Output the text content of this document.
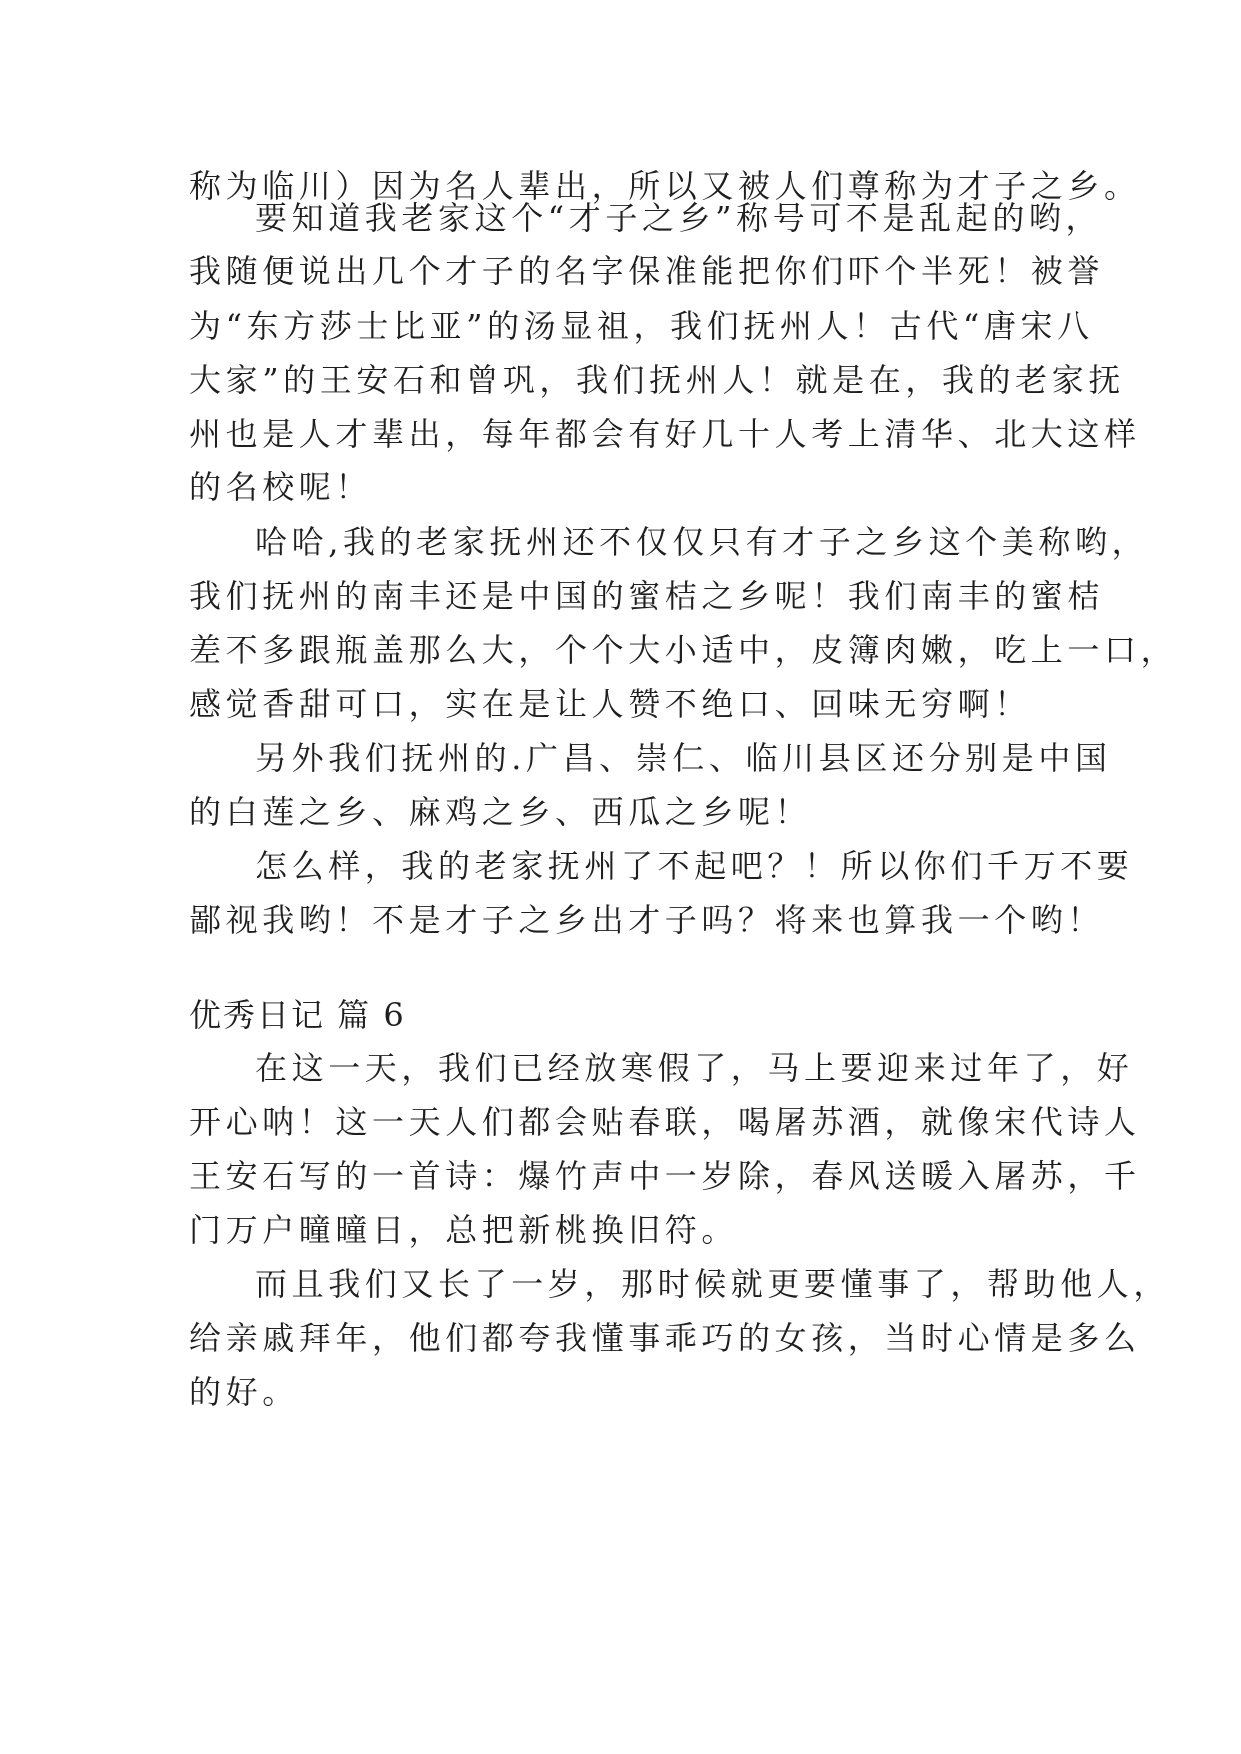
称为临川）因为名人辈出，所以又被人们尊称为才子之乡。

要知道我老家这个“才子之乡”称号可不是乱起的哟，

我随便说出几个才子的名字保准能把你们吓个半死！被誉

为“东方莎士比亚”的汤显祖，我们抚州人！古代“唐宋八

大家”的王安石和曾巩，我们抚州人！就是在，我的老家抚

州也是人才辈出，每年都会有好几十人考上清华、北大这样

的名校呢！

哈哈,我的老家抚州还不仅仅只有才子之乡这个美称哟，

我们抚州的南丰还是中国的蜜桔之乡呢！我们南丰的蜜桔

差不多跟瓶盖那么大，个个大小适中，皮簿肉嫩，吃上一口，

感觉香甜可口，实在是让人赞不绝口、回味无穷啊！

另外我们抚州的.广昌、崇仁、临川县区还分别是中国

的白莲之乡、麻鸡之乡、西瓜之乡呢！

怎么样，我的老家抚州了不起吧？！所以你们千万不要

鄙视我哟！不是才子之乡出才子吗？将来也算我一个哟！

优秀日记 篇 6

在这一天，我们已经放寒假了，马上要迎来过年了，好

开心呐！这一天人们都会贴春联，喝屠苏酒，就像宋代诗人

王安石写的一首诗：爆竹声中一岁除，春风送暖入屠苏，千

门万户曈曈日，总把新桃换旧符。

而且我们又长了一岁，那时候就更要懂事了，帮助他人，

给亲戚拜年，他们都夸我懂事乖巧的女孩，当时心情是多么

的好。
